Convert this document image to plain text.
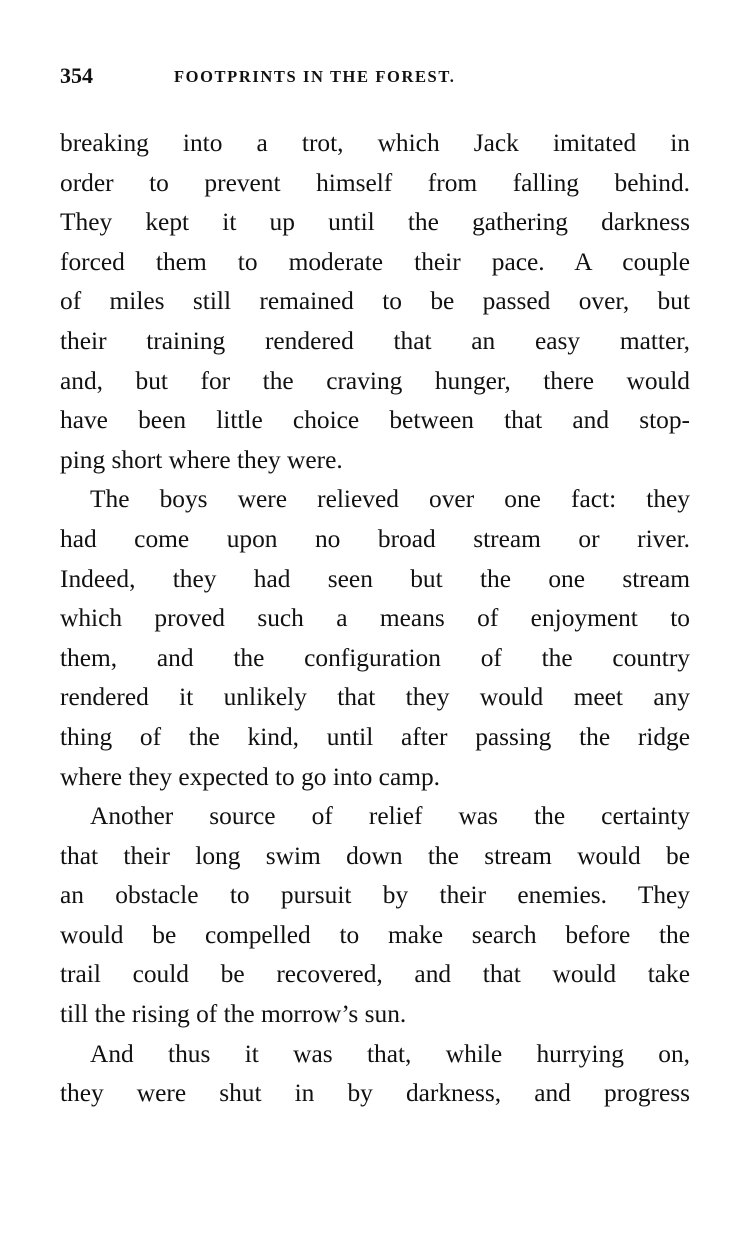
354	FOOTPRINTS IN THE FOREST.
breaking into a trot, which Jack imitated in
order to prevent himself from falling behind.
They kept it up until the gathering darkness
forced them to moderate their pace. A couple
of miles still remained to be passed over, but
their training rendered that an easy matter,
and, but for the craving hunger, there would
have been little choice between that and stop-
ping short where they were.
The boys were relieved over one fact: they
had come upon no broad stream or river.
Indeed, they had seen but the one stream
which proved such a means of enjoyment to
them, and the configuration of the country
rendered it unlikely that they would meet any
thing of the kind, until after passing the ridge
where they expected to go into camp.
Another source of relief was the certainty
that their long swim down the stream would be
an obstacle to pursuit by their enemies. They
would be compelled to make search before the
trail could be recovered, and that would take
till the rising of the morrow’s sun.
And thus it was that, while hurrying on,
they were shut in by darkness, and progress
